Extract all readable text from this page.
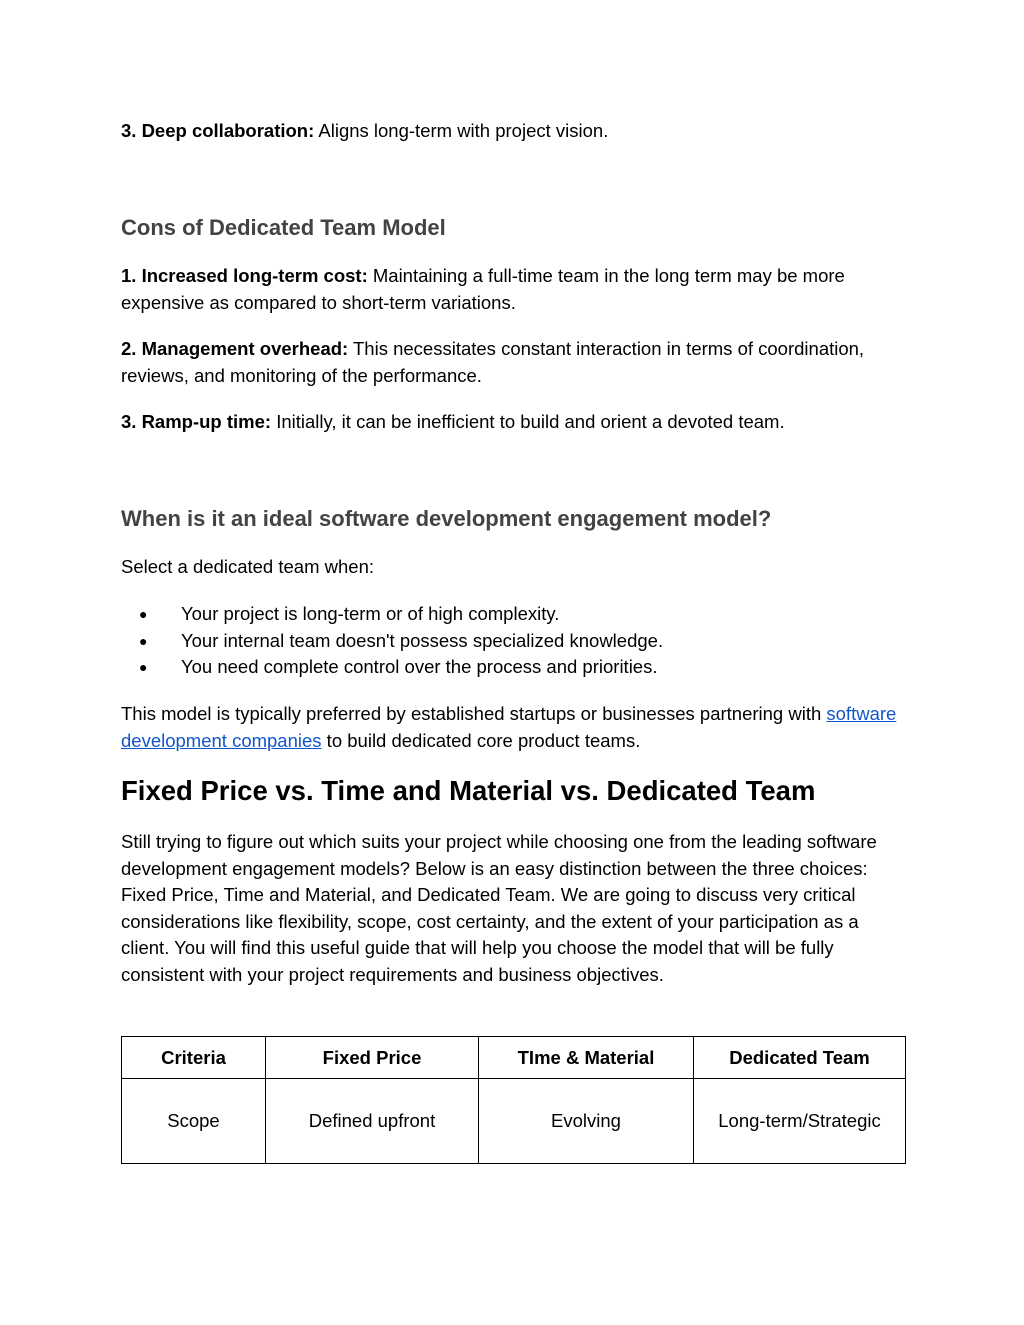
3. Deep collaboration: Aligns long-term with project vision.

Cons of Dedicated Team Model

1. Increased long-term cost: Maintaining a full-time team in the long term may be more expensive as compared to short-term variations.

2. Management overhead: This necessitates constant interaction in terms of coordination, reviews, and monitoring of the performance.

3. Ramp-up time: Initially, it can be inefficient to build and orient a devoted team.

When is it an ideal software development engagement model?

Select a dedicated team when:

● Your project is long-term or of high complexity.
● Your internal team doesn't possess specialized knowledge.
● You need complete control over the process and priorities.

This model is typically preferred by established startups or businesses partnering with software development companies to build dedicated core product teams.

Fixed Price vs. Time and Material vs. Dedicated Team

Still trying to figure out which suits your project while choosing one from the leading software development engagement models? Below is an easy distinction between the three choices: Fixed Price, Time and Material, and Dedicated Team. We are going to discuss very critical considerations like flexibility, scope, cost certainty, and the extent of your participation as a client. You will find this useful guide that will help you choose the model that will be fully consistent with your project requirements and business objectives.

Criteria	Fixed Price	TIme & Material	Dedicated Team
Scope	Defined upfront	Evolving	Long-term/Strategic
